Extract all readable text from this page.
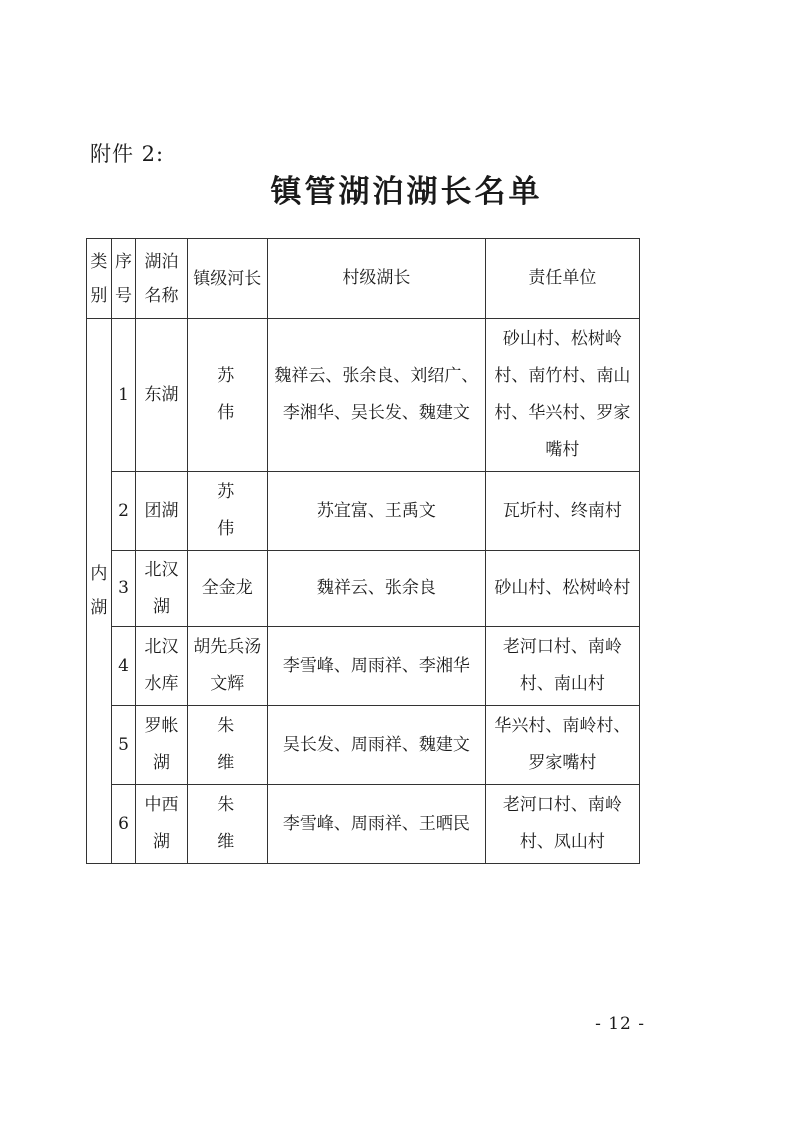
附件 2:
镇管湖泊湖长名单
类别	序号	湖泊名称	镇级河长	村级湖长	责任单位
内湖	1	东湖	苏 伟	魏祥云、张余良、刘绍广、李湘华、吴长发、魏建文	砂山村、松树岭村、南竹村、南山村、华兴村、罗家嘴村
	2	团湖	苏 伟	苏宜富、王禹文	瓦圻村、终南村
	3	北汉湖	全金龙	魏祥云、张余良	砂山村、松树岭村
	4	北汉水库	胡先兵汤文辉	李雪峰、周雨祥、李湘华	老河口村、南岭村、南山村
	5	罗帐湖	朱 维	吴长发、周雨祥、魏建文	华兴村、南岭村、罗家嘴村
	6	中西湖	朱 维	李雪峰、周雨祥、王晒民	老河口村、南岭村、凤山村
- 12 -
